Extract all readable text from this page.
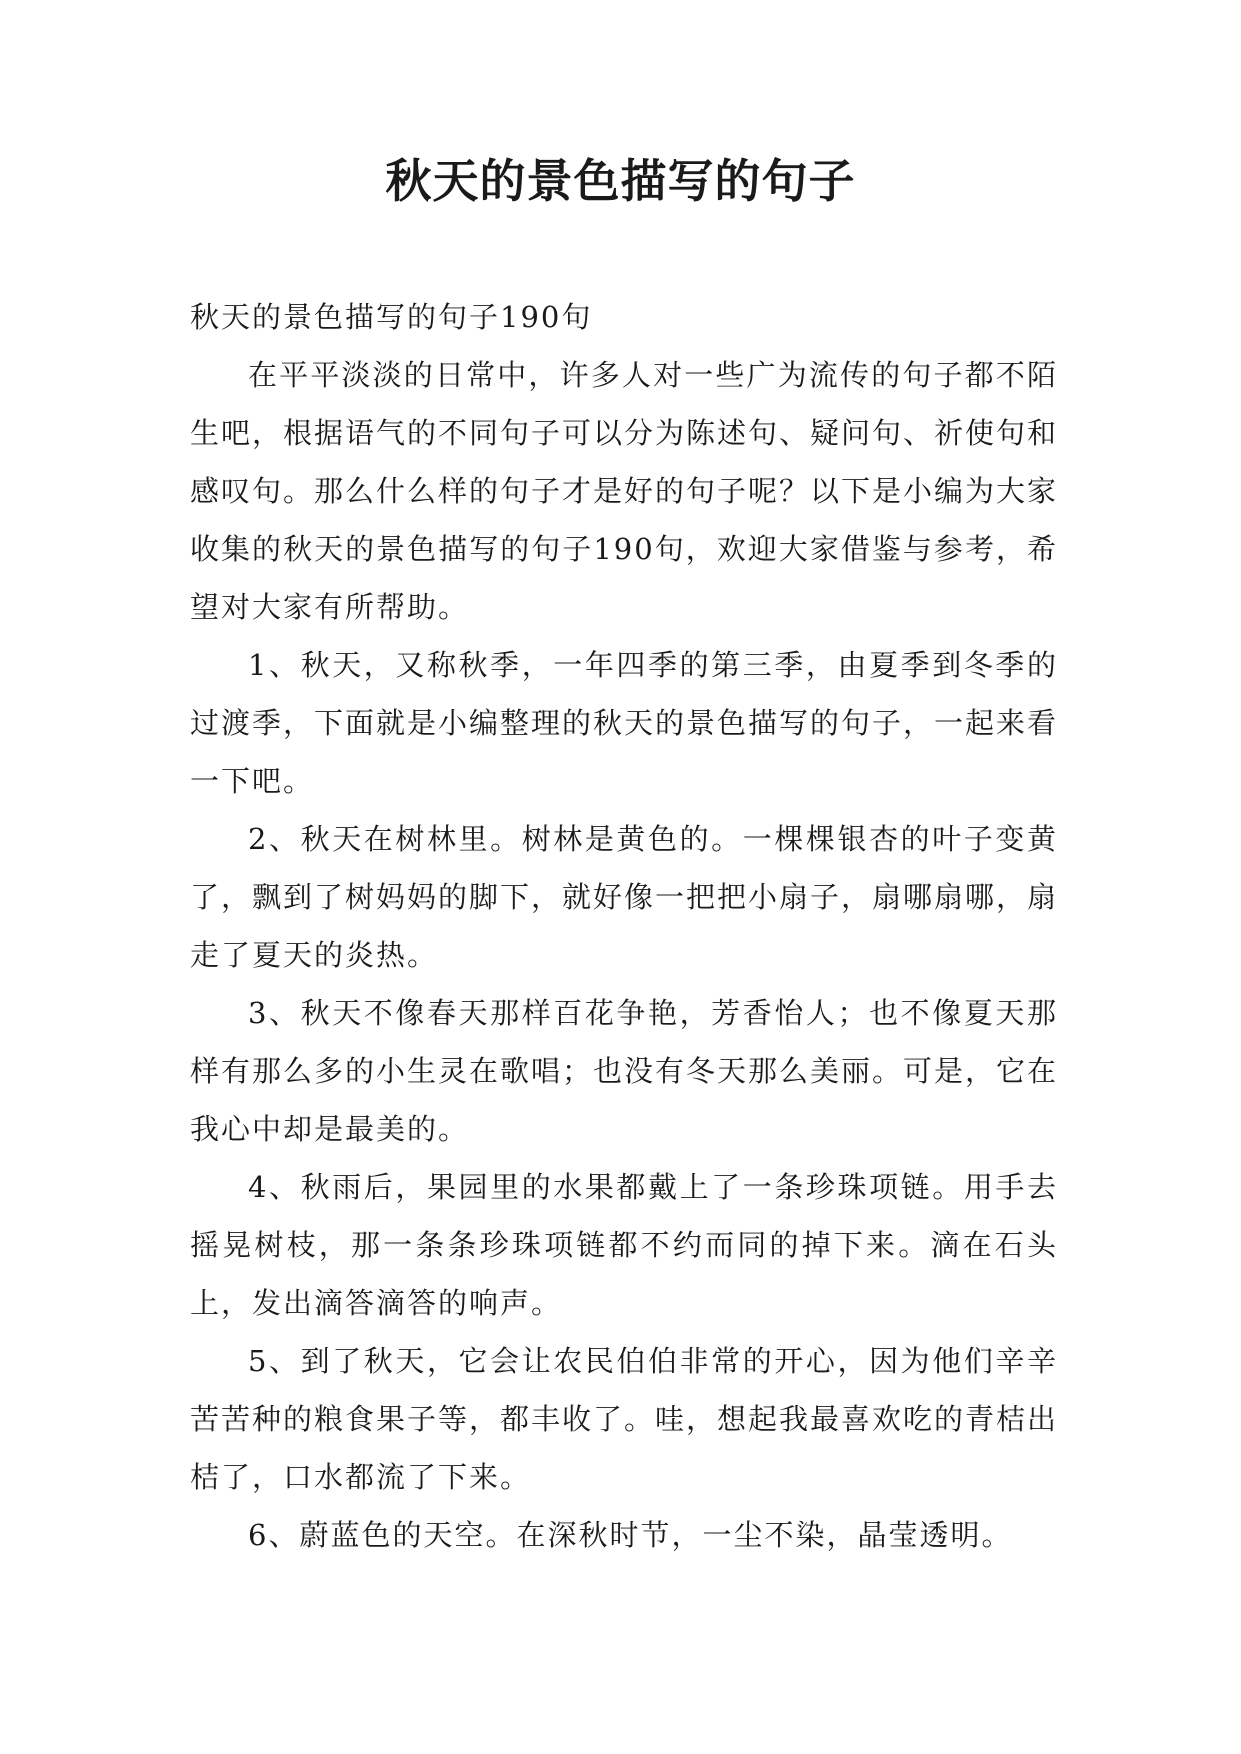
秋天的景色描写的句子

秋天的景色描写的句子190句

在平平淡淡的日常中，许多人对一些广为流传的句子都不陌生吧，根据语气的不同句子可以分为陈述句、疑问句、祈使句和感叹句。那么什么样的句子才是好的句子呢？以下是小编为大家收集的秋天的景色描写的句子190句，欢迎大家借鉴与参考，希望对大家有所帮助。

1、秋天，又称秋季，一年四季的第三季，由夏季到冬季的过渡季，下面就是小编整理的秋天的景色描写的句子，一起来看一下吧。

2、秋天在树林里。树林是黄色的。一棵棵银杏的叶子变黄了，飘到了树妈妈的脚下，就好像一把把小扇子，扇哪扇哪，扇走了夏天的炎热。

3、秋天不像春天那样百花争艳，芳香怡人；也不像夏天那样有那么多的小生灵在歌唱；也没有冬天那么美丽。可是，它在我心中却是最美的。

4、秋雨后，果园里的水果都戴上了一条珍珠项链。用手去摇晃树枝，那一条条珍珠项链都不约而同的掉下来。滴在石头上，发出滴答滴答的响声。

5、到了秋天，它会让农民伯伯非常的开心，因为他们辛辛苦苦种的粮食果子等，都丰收了。哇，想起我最喜欢吃的青桔出桔了，口水都流了下来。

6、蔚蓝色的天空。在深秋时节，一尘不染，晶莹透明。
